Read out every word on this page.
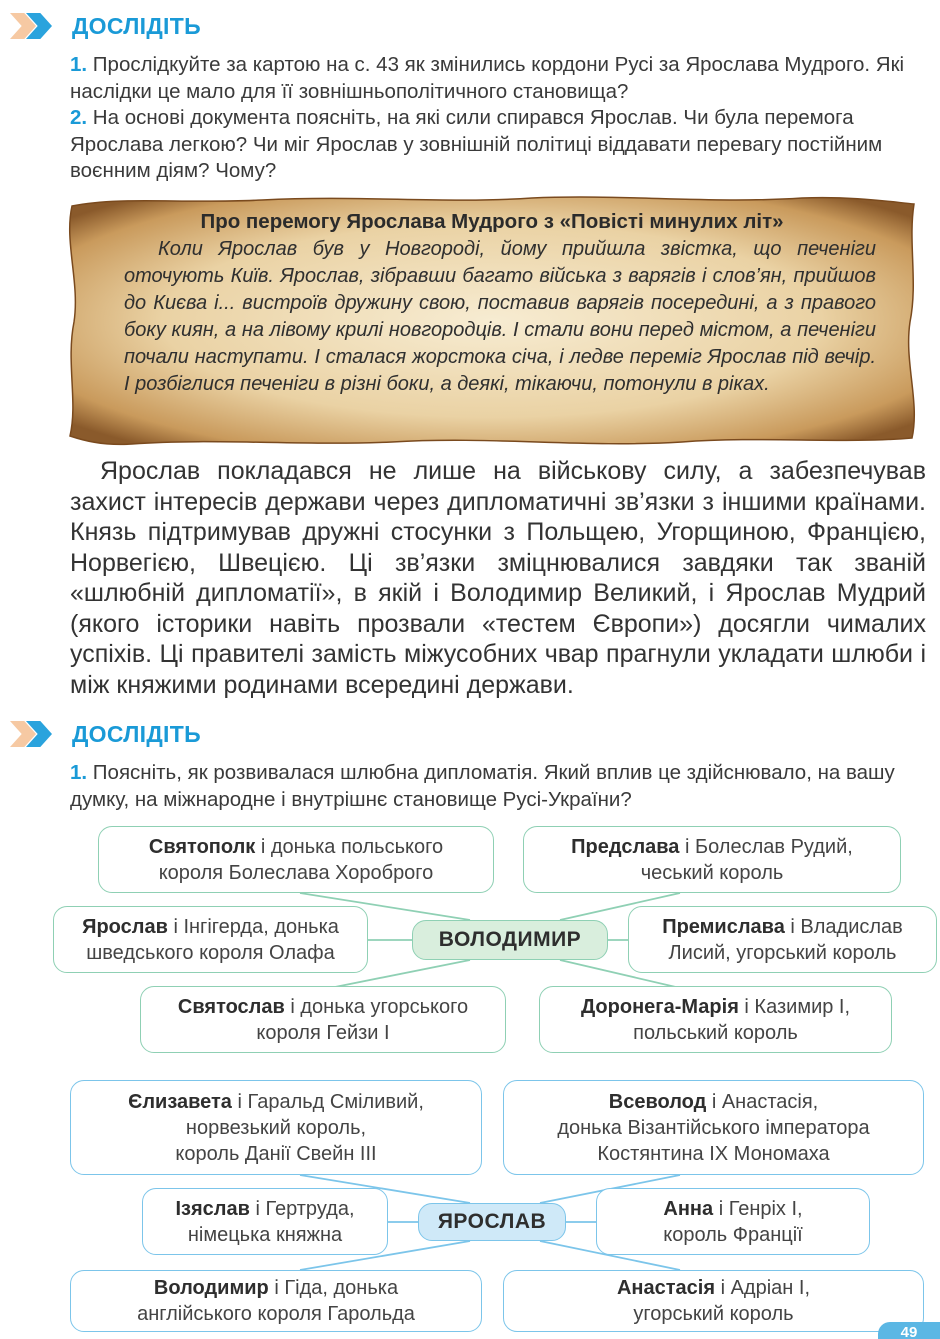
ДОСЛІДІТЬ

1. Прослідкуйте за картою на с. 43 як змінились кордони Русі за Ярослава Мудрого. Які наслідки це мало для її зовнішньополітичного становища?

2. На основі документа поясніть, на які сили спирався Ярослав. Чи була перемога Ярослава легкою? Чи міг Ярослав у зовнішній політиці віддавати перевагу постійним воєнним діям? Чому?

Про перемогу Ярослава Мудрого з «Повісті минулих літ»

Коли Ярослав був у Новгороді, йому прийшла звістка, що печеніги оточують Київ. Ярослав, зібравши багато війська з варягів і слов’ян, прийшов до Києва і... вистроїв дружину свою, поставив варягів посередині, а з правого боку киян, а на лівому крилі новгородців. І стали вони перед містом, а печеніги почали наступати. І сталася жорстока січа, і ледве переміг Ярослав під вечір. І розбіглися печеніги в різні боки, а деякі, тікаючи, потонули в ріках.

Ярослав покладався не лише на військову силу, а забезпечував захист інтересів держави через дипломатичні зв’язки з іншими країнами. Князь підтримував дружні стосунки з Польщею, Угорщиною, Францією, Норвегією, Швецією. Ці зв’язки зміцнювалися завдяки так званій «шлюбній дипломатії», в якій і Володимир Великий, і Ярослав Мудрий (якого історики навіть прозвали «тестем Європи») досягли чималих успіхів. Ці правителі замість міжусобних чвар прагнули укладати шлюби і між княжими родинами всередині держави.

ДОСЛІДІТЬ

1. Поясніть, як розвивалася шлюбна дипломатія. Який вплив це здійснювало, на вашу думку, на міжнародне і внутрішнє становище Русі-України?

Святополк і донька польського
короля Болеслава Хороброго
Предслава і Болеслав Рудий,
чеський король
Ярослав і Інгігерда, донька
шведського короля Олафа
ВОЛОДИМИР
Премислава і Владислав
Лисий, угорський король
Святослав і донька угорського
короля Гейзи І
Доронега-Марія і Казимир І,
польський король
Єлизавета і Гаральд Сміливий,
норвезький король,
король Данії Свейн ІІІ
Всеволод і Анастасія,
донька Візантійського імператора
Костянтина ІХ Мономаха
Ізяслав і Гертруда,
німецька княжна
ЯРОСЛАВ
Анна і Генріх І,
король Франції
Володимир і Гіда, донька
англійського короля Гарольда
Анастасія і Адріан І,
угорський король
49
